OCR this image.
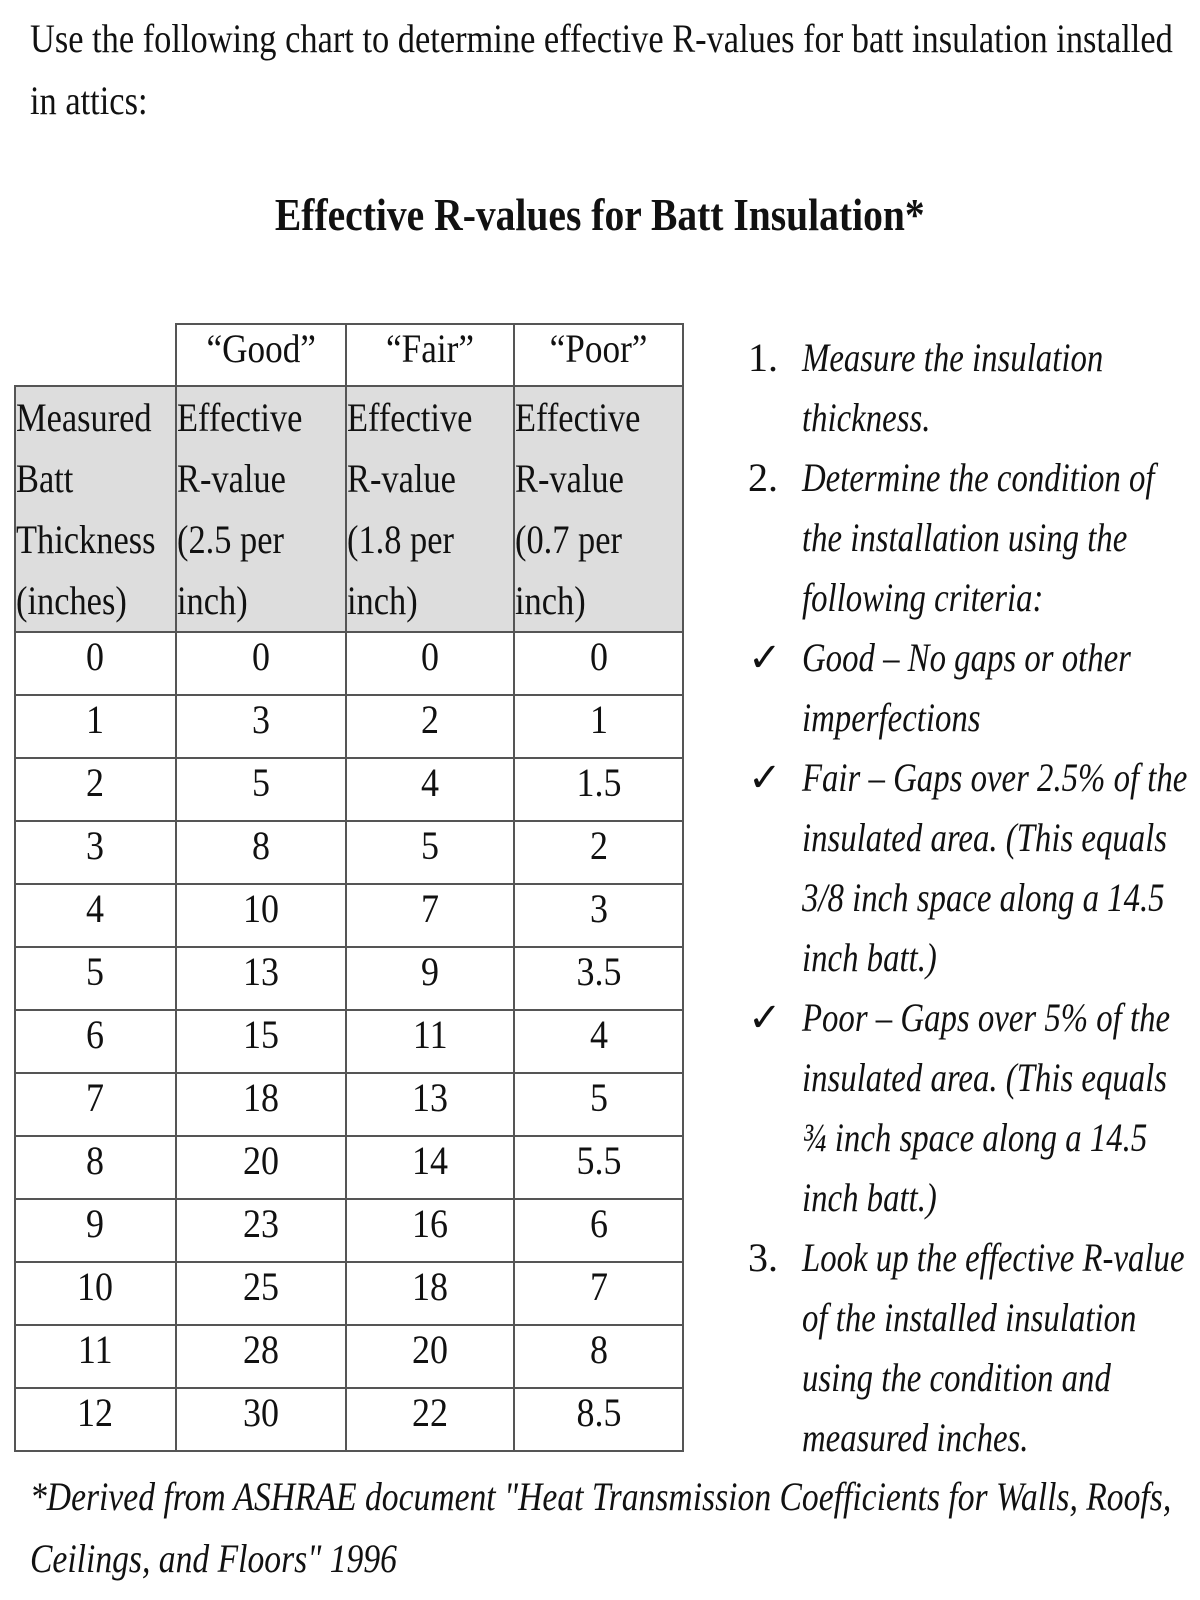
Use the following chart to determine effective R-values for batt insulation installed in attics:

Effective R-values for Batt Insulation*
	“Good”	“Fair”	“Poor”

Measured
Batt
Thickness
(inches)	Effective
R-value
(2.5 per
inch)	Effective
R-value
(1.8 per
inch)	Effective
R-value
(0.7 per
inch)

0	0	0	0
1	3	2	1
2	5	4	1.5
3	8	5	2
4	10	7	3
5	13	9	3.5
6	15	11	4
7	18	13	5
8	20	14	5.5
9	23	16	6
10	25	18	7
11	28	20	8
12	30	22	8.5
1. Measure the insulation thickness.
2. Determine the condition of the installation using the following criteria:
✓ Good – No gaps or other imperfections
✓ Fair – Gaps over 2.5% of the insulated area. (This equals 3/8 inch space along a 14.5 inch batt.)
✓ Poor – Gaps over 5% of the insulated area. (This equals ¾ inch space along a 14.5 inch batt.)
3. Look up the effective R-value of the installed insulation using the condition and measured inches.

*Derived from ASHRAE document "Heat Transmission Coefficients for Walls, Roofs, Ceilings, and Floors" 1996
